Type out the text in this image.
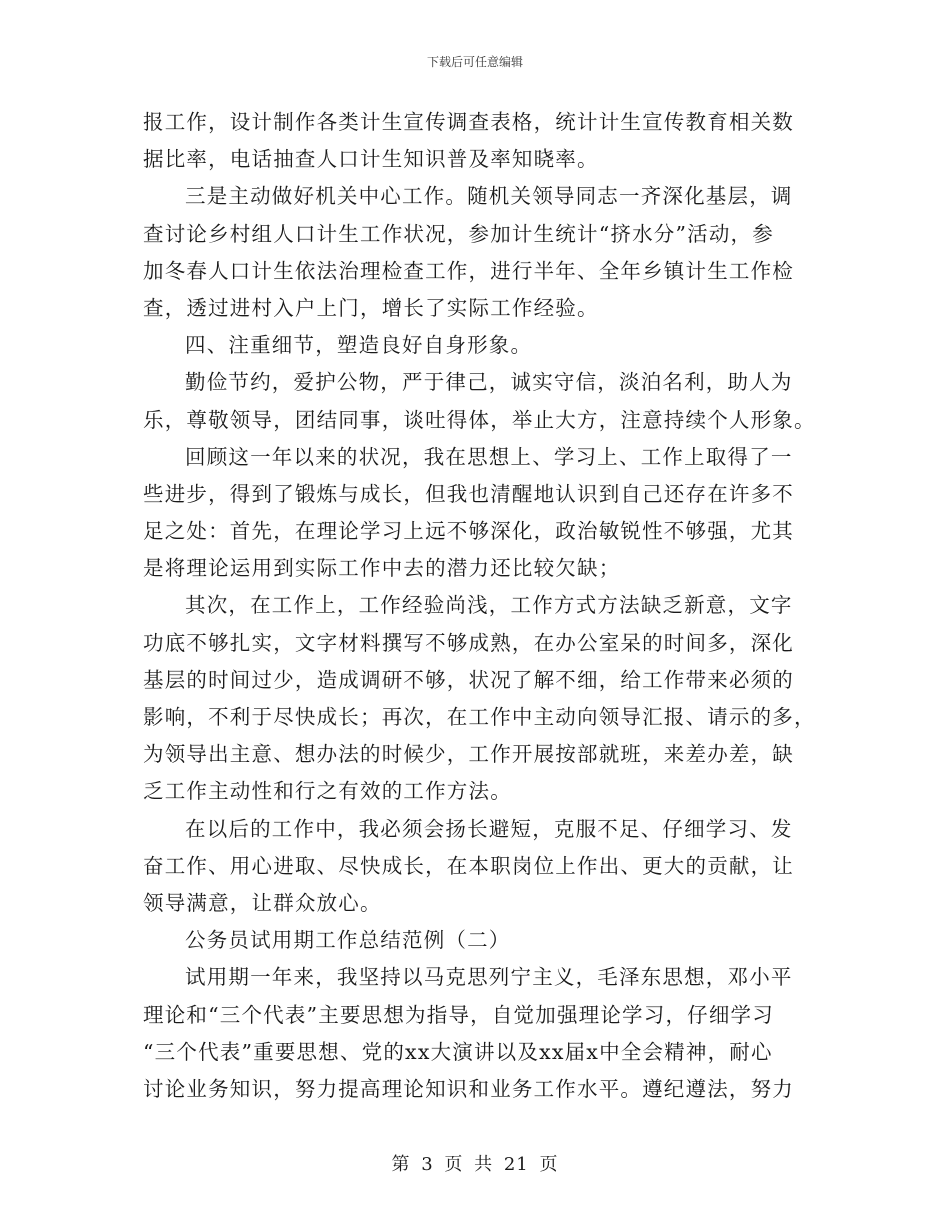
下载后可任意编辑
报工作，设计制作各类计生宣传调查表格，统计计生宣传教育相关数
据比率，电话抽查人口计生知识普及率知晓率。
三是主动做好机关中心工作。随机关领导同志一齐深化基层，调
查讨论乡村组人口计生工作状况，参加计生统计“挤水分”活动，参
加冬春人口计生依法治理检查工作，进行半年、全年乡镇计生工作检
查，透过进村入户上门，增长了实际工作经验。
四、注重细节，塑造良好自身形象。
勤俭节约，爱护公物，严于律己，诚实守信，淡泊名利，助人为
乐，尊敬领导，团结同事，谈吐得体，举止大方，注意持续个人形象。
回顾这一年以来的状况，我在思想上、学习上、工作上取得了一
些进步，得到了锻炼与成长，但我也清醒地认识到自己还存在许多不
足之处：首先，在理论学习上远不够深化，政治敏锐性不够强，尤其
是将理论运用到实际工作中去的潜力还比较欠缺；
其次，在工作上，工作经验尚浅，工作方式方法缺乏新意，文字
功底不够扎实，文字材料撰写不够成熟，在办公室呆的时间多，深化
基层的时间过少，造成调研不够，状况了解不细，给工作带来必须的
影响，不利于尽快成长；再次，在工作中主动向领导汇报、请示的多，
为领导出主意、想办法的时候少，工作开展按部就班，来差办差，缺
乏工作主动性和行之有效的工作方法。
在以后的工作中，我必须会扬长避短，克服不足、仔细学习、发
奋工作、用心进取、尽快成长，在本职岗位上作出、更大的贡献，让
领导满意，让群众放心。
公务员试用期工作总结范例（二）
试用期一年来，我坚持以马克思列宁主义，毛泽东思想，邓小平
理论和“三个代表”主要思想为指导，自觉加强理论学习，仔细学习
“三个代表”重要思想、党的xx大演讲以及xx届x中全会精神，耐心
讨论业务知识，努力提高理论知识和业务工作水平。遵纪遵法，努力
第 3 页 共 21 页
